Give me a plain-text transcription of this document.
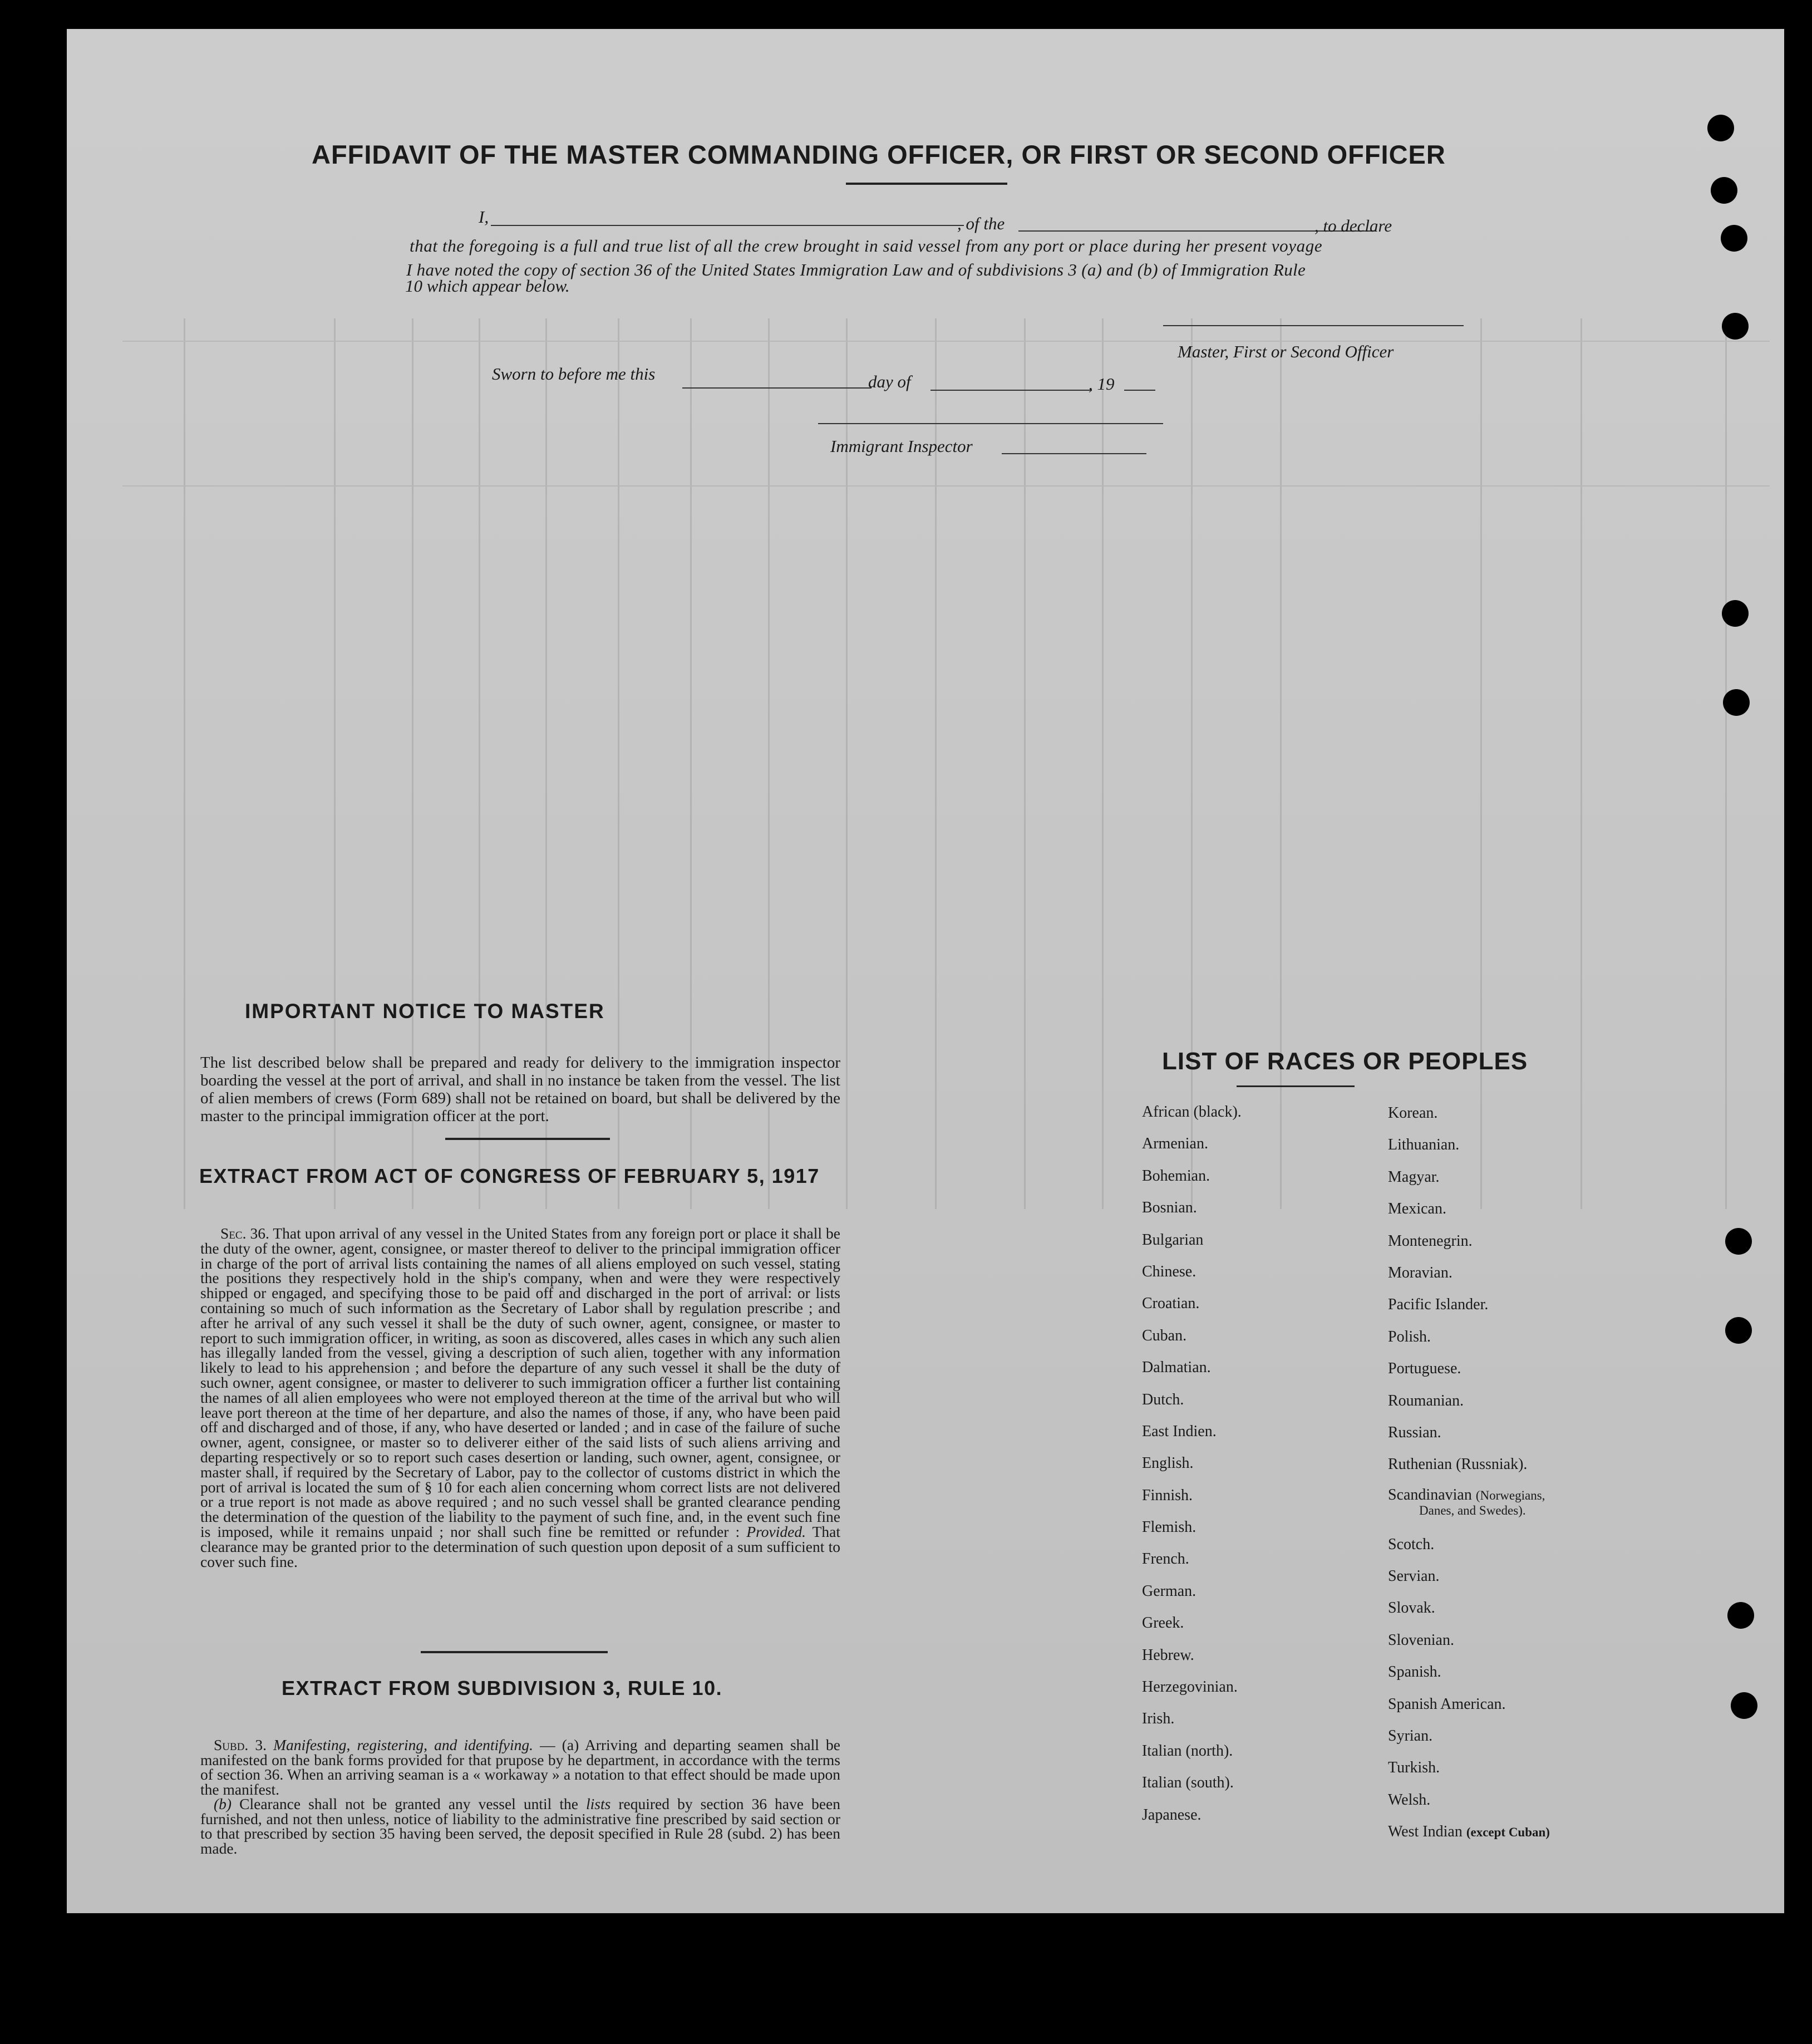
AFFIDAVIT OF THE MASTER COMMANDING OFFICER, OR FIRST OR SECOND OFFICER
I,	, of the	, to declare
that the foregoing is a full and true list of all the crew brought in said vessel from any port or place during her present voyage
I have noted the copy of section 36 of the United States Immigration Law and of subdivisions 3 (a) and (b) of Immigration Rule
10 which appear below.
Master, First or Second Officer
Sworn to before me this	day of	, 19
Immigrant Inspector
IMPORTANT NOTICE TO MASTER
The list described below shall be prepared and ready for delivery to the immigration inspector boarding the vessel at the port of arrival, and shall in no instance be taken from the vessel. The list of alien members of crews (Form 689) shall not be retained on board, but shall be delivered by the master to the principal immigration officer at the port.
EXTRACT FROM ACT OF CONGRESS OF FEBRUARY 5, 1917
Sec. 36. That upon arrival of any vessel in the United States from any foreign port or place it shall be the duty of the owner, agent, consignee, or master thereof to deliver to the principal immigration officer in charge of the port of arrival lists containing the names of all aliens employed on such vessel, stating the positions they respectively hold in the ship's company, when and were they were respectively shipped or engaged, and specifying those to be paid off and discharged in the port of arrival: or lists containing so much of such information as the Secretary of Labor shall by regulation prescribe ; and after he arrival of any such vessel it shall be the duty of such owner, agent, consignee, or master to report to such immigration officer, in writing, as soon as discovered, alles cases in which any such alien has illegally landed from the vessel, giving a description of such alien, together with any information likely to lead to his apprehension ; and before the departure of any such vessel it shall be the duty of such owner, agent consignee, or master to deliverer to such immigration officer a further list containing the names of all alien employees who were not employed thereon at the time of the arrival but who will leave port thereon at the time of her departure, and also the names of those, if any, who have been paid off and discharged and of those, if any, who have deserted or landed ; and in case of the failure of suche owner, agent, consignee, or master so to deliverer either of the said lists of such aliens arriving and departing respectively or so to report such cases desertion or landing, such owner, agent, consignee, or master shall, if required by the Secretary of Labor, pay to the collector of customs district in which the port of arrival is located the sum of § 10 for each alien concerning whom correct lists are not delivered or a true report is not made as above required ; and no such vessel shall be granted clearance pending the determination of the question of the liability to the payment of such fine, and, in the event such fine is imposed, while it remains unpaid ; nor shall such fine be remitted or refunder : Provided. That clearance may be granted prior to the determination of such question upon deposit of a sum sufficient to cover such fine.
EXTRACT FROM SUBDIVISION 3, RULE 10.
Subd. 3. Manifesting, registering, and identifying. — (a) Arriving and departing seamen shall be manifested on the bank forms provided for that prupose by he department, in accordance with the terms of section 36. When an arriving seaman is a « workaway » a notation to that effect should be made upon the manifest.
(b) Clearance shall not be granted any vessel until the lists required by section 36 have been furnished, and not then unless, notice of liability to the administrative fine prescribed by said section or to that prescribed by section 35 having been served, the deposit specified in Rule 28 (subd. 2) has been made.
LIST OF RACES OR PEOPLES
African (black).
Armenian.
Bohemian.
Bosnian.
Bulgarian
Chinese.
Croatian.
Cuban.
Dalmatian.
Dutch.
East Indien.
English.
Finnish.
Flemish.
French.
German.
Greek.
Hebrew.
Herzegovinian.
Irish.
Italian (north).
Italian (south).
Japanese.
Korean.
Lithuanian.
Magyar.
Mexican.
Montenegrin.
Moravian.
Pacific Islander.
Polish.
Portuguese.
Roumanian.
Russian.
Ruthenian (Russniak).
Scandinavian (Norwegians,
Danes, and Swedes).
Scotch.
Servian.
Slovak.
Slovenian.
Spanish.
Spanish American.
Syrian.
Turkish.
Welsh.
West Indian (except Cuban)
